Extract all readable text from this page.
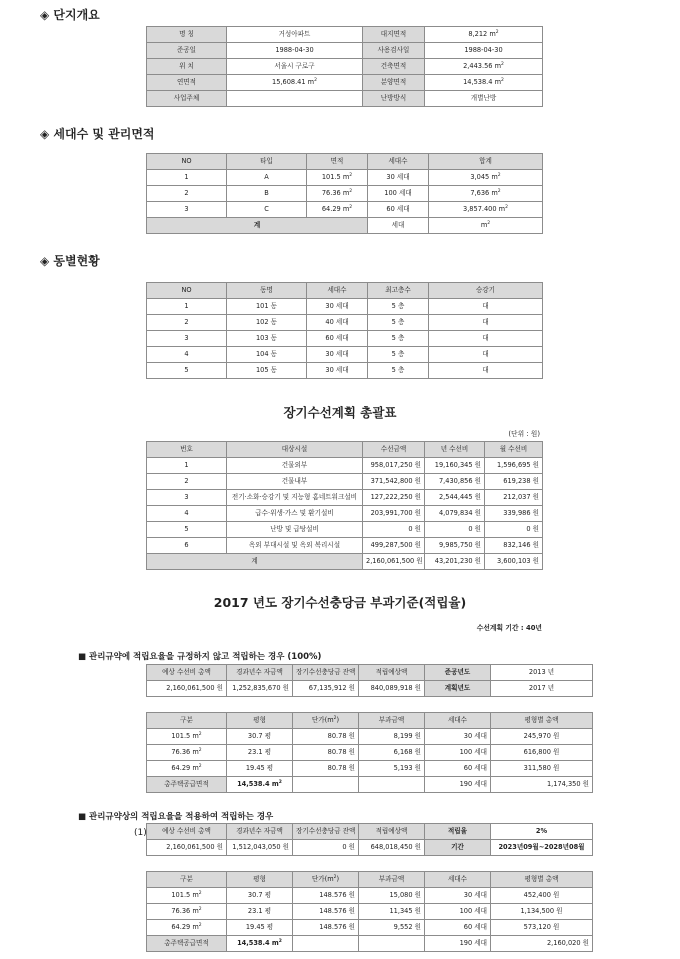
◈ 단지개요
명 칭	거성아파트	대지면적	8,212 $m^2$
준공일	1988-04-30	사용검사일	1988-04-30
위 치	서울시 구로구	건축면적	2,443.56 $m^2$
연면적	15,608.41 $m^2$	분양면적	14,538.4 $m^2$
사업주체		난방방식	개별난방
◈ 세대수 및 관리면적
NO	타입	면적	세대수	합계
1	A	101.5 $m^2$	30 세대	3,045 $m^2$
2	B	76.36 $m^2$	100 세대	7,636 $m^2$
3	C	64.29 $m^2$	60 세대	3,857.400 $m^2$
계			세대	$m^2$
◈ 동별현황
NO	동명	세대수	최고층수	승강기
1	101 동	30 세대	5 층	대
2	102 동	40 세대	5 층	대
3	103 동	60 세대	5 층	대
4	104 동	30 세대	5 층	대
5	105 동	30 세대	5 층	대
장기수선계획 총괄표
(단위 : 원)
번호	대상시설	수선금액	년 수선비	월 수선비
1	건물외부	958,017,250 원	19,160,345 원	1,596,695 원
2	건물내부	371,542,800 원	7,430,856 원	619,238 원
3	전기·소화·승강기 및 지능형 홈네트워크설비	127,222,250 원	2,544,445 원	212,037 원
4	급수·위생·가스 및 환기설비	203,991,700 원	4,079,834 원	339,986 원
5	난방 및 급탕설비	0 원	0 원	0 원
6	옥외 부대시설 및 옥외 복리시설	499,287,500 원	9,985,750 원	832,146 원
계		2,160,061,500 원	43,201,230 원	3,600,103 원
2017 년도 장기수선충당금 부과기준(적립율)
수선계획 기간 : 40년
■ 관리규약에 적립요율을 규정하지 않고 적립하는 경우 (100%)
예상 수선비 총액	경과년수 자금액	장기수선충당금 잔액	적립예상액	준공년도	2013 년
2,160,061,500 원	1,252,835,670 원	67,135,912 원	840,089,918 원	계획년도	2017 년
구분	평형	단가$(m^2)$	부과금액	세대수	평형별 총액
101.5 $m^2$	30.7 평	80.78 원	8,199 원	30 세대	245,970 원
76.36 $m^2$	23.1 평	80.78 원	6,168 원	100 세대	616,800 원
64.29 $m^2$	19.45 평	80.78 원	5,193 원	60 세대	311,580 원
총주택공급면적	14,538.4 $m^2$			190 세대	1,174,350 원
■ 관리규약상의 적립요율을 적용하여 적립하는 경우
(1) 예상 수선비 총액	경과년수 자금액	장기수선충당금 잔액	적립예상액	적립율	2%
2,160,061,500 원	1,512,043,050 원	0 원	648,018,450 원	기간	2023년09월~2028년08월
구분	평형	단가$(m^2)$	부과금액	세대수	평형별 총액
101.5 $m^2$	30.7 평	148.576 원	15,080 원	30 세대	452,400 원
76.36 $m^2$	23.1 평	148.576 원	11,345 원	100 세대	1,134,500 원
64.29 $m^2$	19.45 평	148.576 원	9,552 원	60 세대	573,120 원
총주택공급면적	14,538.4 $m^2$			190 세대	2,160,020 원
